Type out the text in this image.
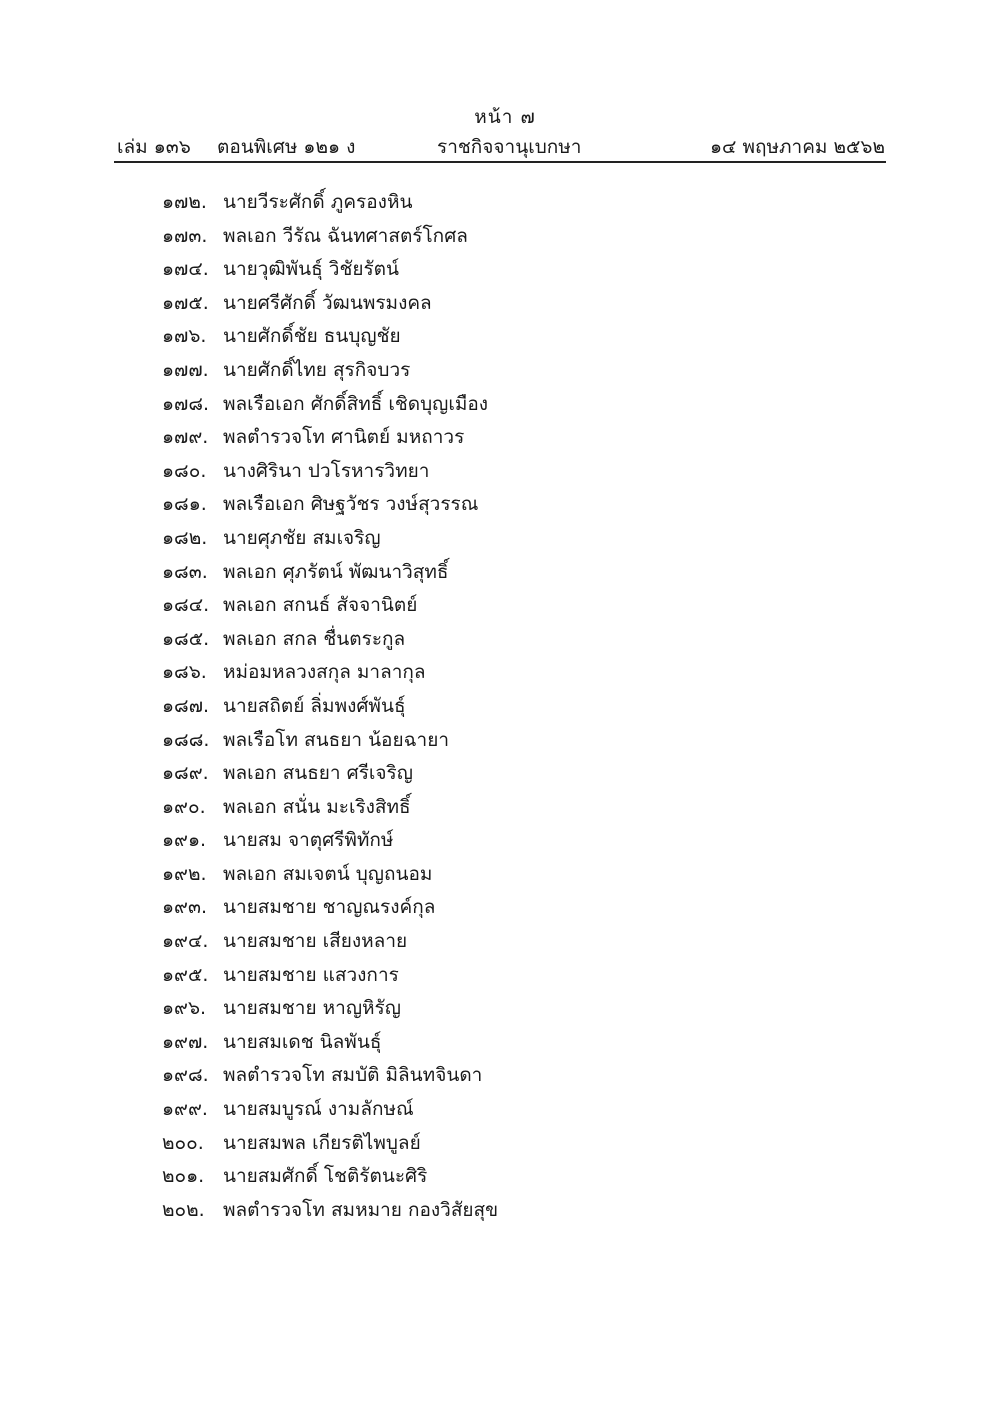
หน้า ๗
เล่ม ๑๓๖ ตอนพิเศษ ๑๒๑ ง	ราชกิจจานุเบกษา	๑๔ พฤษภาคม ๒๕๖๒
๑๗๒. นายวีระศักดิ์ ภูครองหิน
๑๗๓. พลเอก วีรัณ ฉันทศาสตร์โกศล
๑๗๔. นายวุฒิพันธุ์ วิชัยรัตน์
๑๗๕. นายศรีศักดิ์ วัฒนพรมงคล
๑๗๖. นายศักดิ์ชัย ธนบุญชัย
๑๗๗. นายศักดิ์ไทย สุรกิจบวร
๑๗๘. พลเรือเอก ศักดิ์สิทธิ์ เชิดบุญเมือง
๑๗๙. พลตำรวจโท ศานิตย์ มหถาวร
๑๘๐. นางศิรินา ปวโรหารวิทยา
๑๘๑. พลเรือเอก ศิษฐวัชร วงษ์สุวรรณ
๑๘๒. นายศุภชัย สมเจริญ
๑๘๓. พลเอก ศุภรัตน์ พัฒนาวิสุทธิ์
๑๘๔. พลเอก สกนธ์ สัจจานิตย์
๑๘๕. พลเอก สกล ชื่นตระกูล
๑๘๖. หม่อมหลวงสกุล มาลากุล
๑๘๗. นายสถิตย์ ลิ่มพงศ์พันธุ์
๑๘๘. พลเรือโท สนธยา น้อยฉายา
๑๘๙. พลเอก สนธยา ศรีเจริญ
๑๙๐. พลเอก สนั่น มะเริงสิทธิ์
๑๙๑. นายสม จาตุศรีพิทักษ์
๑๙๒. พลเอก สมเจตน์ บุญถนอม
๑๙๓. นายสมชาย ชาญณรงค์กุล
๑๙๔. นายสมชาย เสียงหลาย
๑๙๕. นายสมชาย แสวงการ
๑๙๖. นายสมชาย หาญหิรัญ
๑๙๗. นายสมเดช นิลพันธุ์
๑๙๘. พลตำรวจโท สมบัติ มิลินทจินดา
๑๙๙. นายสมบูรณ์ งามลักษณ์
๒๐๐. นายสมพล เกียรติไพบูลย์
๒๐๑. นายสมศักดิ์ โชติรัตนะศิริ
๒๐๒. พลตำรวจโท สมหมาย กองวิสัยสุข
